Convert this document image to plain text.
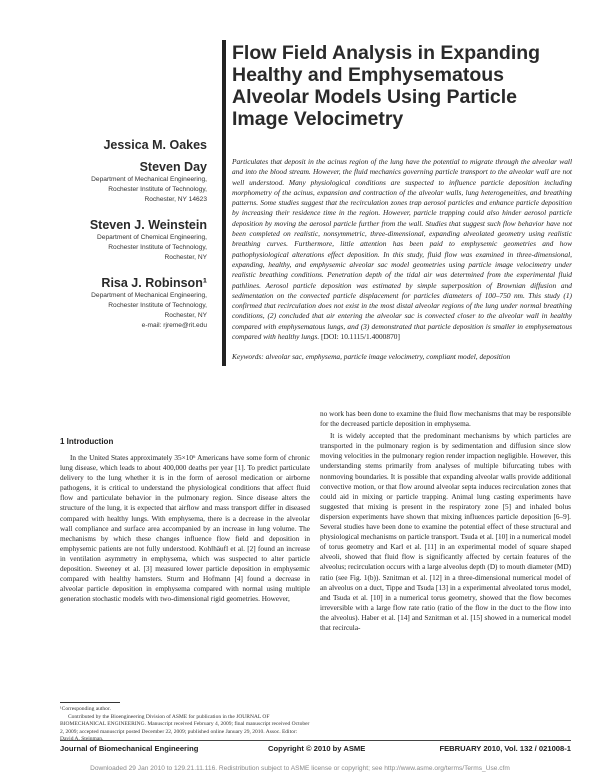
Flow Field Analysis in Expanding Healthy and Emphysematous Alveolar Models Using Particle Image Velocimetry
Jessica M. Oakes
Steven Day
Department of Mechanical Engineering,
Rochester Institute of Technology,
Rochester, NY 14623
Steven J. Weinstein
Department of Chemical Engineering,
Rochester Institute of Technology,
Rochester, NY
Risa J. Robinson¹
Department of Mechanical Engineering,
Rochester Institute of Technology,
Rochester, NY
e-mail: rjreme@rit.edu
Particulates that deposit in the acinus region of the lung have the potential to migrate through the alveolar wall and into the blood stream. However, the fluid mechanics governing particle transport to the alveolar wall are not well understood. Many physiological conditions are suspected to influence particle deposition including morphometry of the acinus, expansion and contraction of the alveolar walls, lung heterogeneities, and breathing patterns. Some studies suggest that the recirculation zones trap aerosol particles and enhance particle deposition by increasing their residence time in the region. However, particle trapping could also hinder aerosol particle deposition by moving the aerosol particle further from the wall. Studies that suggest such flow behavior have not been completed on realistic, nonsymmetric, three-dimensional, expanding alveolated geometry using realistic breathing curves. Furthermore, little attention has been paid to emphysemic geometries and how pathophysiological alterations effect deposition. In this study, fluid flow was examined in three-dimensional, expanding, healthy, and emphysemic alveolar sac model geometries using particle image velocimetry under realistic breathing conditions. Penetration depth of the tidal air was determined from the experimental fluid pathlines. Aerosol particle deposition was estimated by simple superposition of Brownian diffusion and sedimentation on the convected particle displacement for particles diameters of 100–750 nm. This study (1) confirmed that recirculation does not exist in the most distal alveolar regions of the lung under normal breathing conditions, (2) concluded that air entering the alveolar sac is convected closer to the alveolar wall in healthy compared with emphysematous lungs, and (3) demonstrated that particle deposition is smaller in emphysematous compared with healthy lungs. [DOI: 10.1115/1.4000870]
Keywords: alveolar sac, emphysema, particle image velocimetry, compliant model, deposition
1 Introduction

In the United States approximately 35×10⁶ Americans have some form of chronic lung disease, which leads to about 400,000 deaths per year [1]. To predict particulate delivery to the lung whether it is in the form of aerosol medication or airborne pathogens, it is critical to understand the physiological conditions that affect fluid flow and particulate behavior in the pulmonary region. Since disease alters the structure of the lung, it is expected that airflow and mass transport differ in diseased compared with healthy lungs. With emphysema, there is a decrease in the alveolar wall compliance and surface area accompanied by an increase in lung volume. The mechanisms by which these changes influence flow field and deposition in emphysemic patients are not fully understood. Kohlhäufl et al. [2] found an increase in ventilation asymmetry in emphysema, which was suspected to alter particle deposition. Sweeney et al. [3] measured lower particle deposition in emphysemic compared with healthy hamsters. Sturm and Hofmann [4] found a decrease in alveolar particle deposition in emphysema compared with normal using multiple generation stochastic models with two-dimensional rigid geometries. However,

no work has been done to examine the fluid flow mechanisms that may be responsible for the decreased particle deposition in emphysema.

It is widely accepted that the predominant mechanisms by which particles are transported in the pulmonary region is by sedimentation and diffusion since slow moving velocities in the pulmonary region render impaction negligible. However, this understanding stems primarily from analyses of multiple bifurcating tubes with nonmoving boundaries. It is possible that expanding alveolar walls provide additional convective motion, or that flow around alveolar septa induces recirculation zones that could aid in mixing or particle trapping. Animal lung casting experiments have suggested that mixing is present in the respiratory zone [5] and inhaled bolus dispersion experiments have shown that mixing influences particle deposition [6–9]. Several studies have been done to examine the potential effect of these structural and physiological mechanisms on particle transport. Tsuda et al. [10] in a numerical model of torus geometry and Karl et al. [11] in an experimental model of square shaped alveoli, showed that fluid flow is significantly affected by certain features of the alveolus; recirculation occurs with a large alveolus depth (D) to mouth diameter (MD) ratio (see Fig. 1(b)). Sznitman et al. [12] in a three-dimensional numerical model of an alveolus on a duct, Tippe and Tsuda [13] in a experimental alveolated torus model, and Tsuda et al. [10] in a numerical torus geometry, showed that the flow becomes irreversible with a large flow rate ratio (ratio of the flow in the duct to the flow into the alveolus). Haber et al. [14] and Sznitman et al. [15] showed in a numerical model that recircula-

¹Corresponding author.
Contributed by the Bioengineering Division of ASME for publication in the JOURNAL OF BIOMECHANICAL ENGINEERING. Manuscript received February 4, 2009; final manuscript received October 2, 2009; accepted manuscript posted December 22, 2009; published online January 29, 2010. Assoc. Editor:
Journal of Biomechanical Engineering	Copyright © 2010 by ASME	FEBRUARY 2010, Vol. 132 / 021008-1
Downloaded 29 Jan 2010 to 129.21.11.116. Redistribution subject to ASME license or copyright; see http://www.asme.org/terms/Terms_Use.cfm
